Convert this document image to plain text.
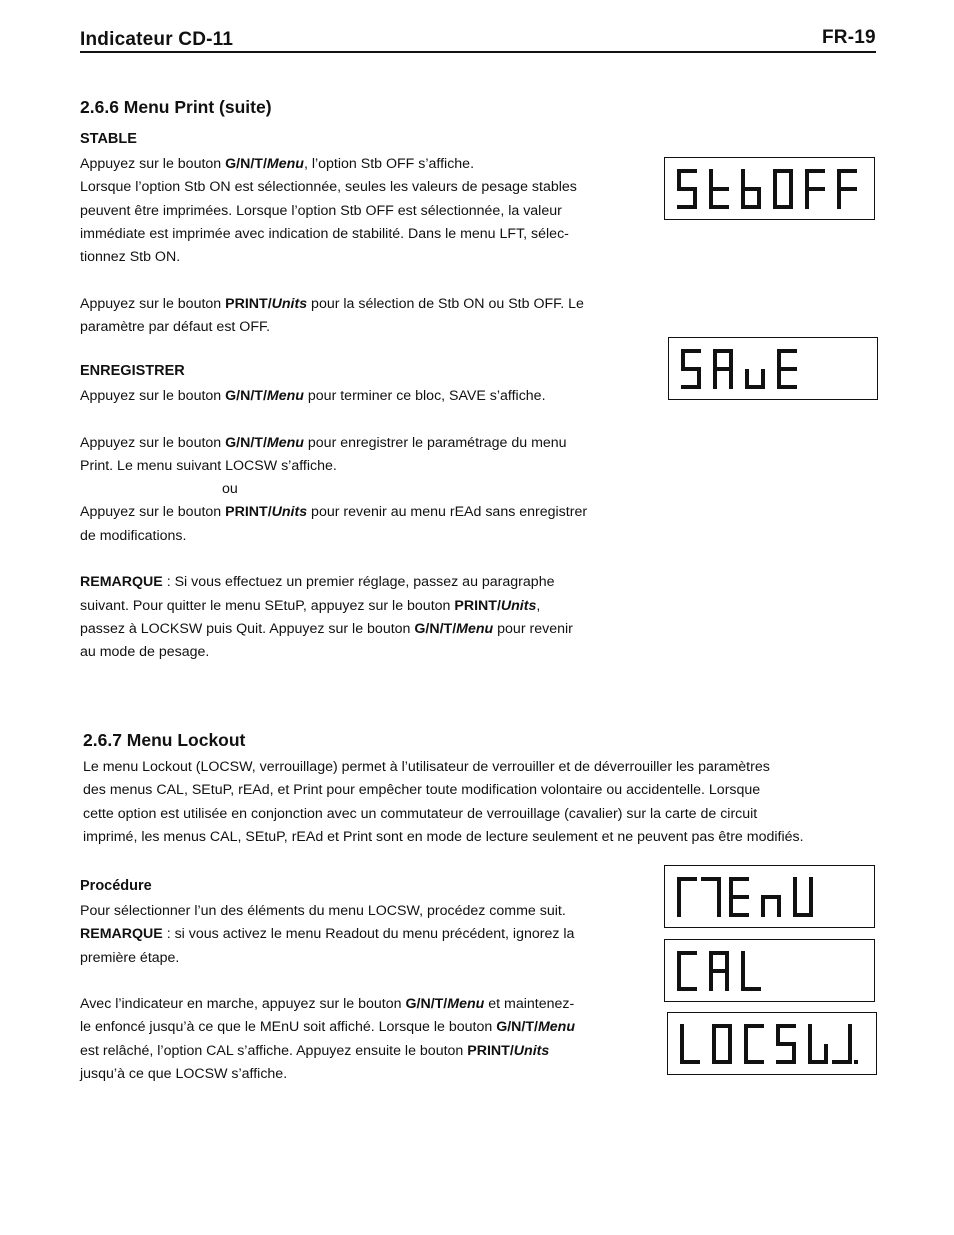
Indicateur CD-11	FR-19
2.6.6 Menu Print (suite)
STABLE

Appuyez sur le bouton G/N/T/Menu, l’option Stb OFF s’affiche.

Lorsque l’option Stb ON est sélectionnée, seules les valeurs de pesage stables

peuvent être imprimées. Lorsque l’option Stb OFF est sélectionnée, la valeur

immédiate est imprimée avec indication de stabilité. Dans le menu LFT, sélec-

tionnez Stb ON.

Appuyez sur le bouton PRINT/Units pour la sélection de Stb ON ou Stb OFF. Le

paramètre par défaut est OFF.

ENREGISTRER

Appuyez sur le bouton G/N/T/Menu pour terminer ce bloc, SAVE s’affiche.

Appuyez sur le bouton G/N/T/Menu pour enregistrer le paramétrage du menu

Print. Le menu suivant LOCSW s’affiche.

ou

Appuyez sur le bouton PRINT/Units pour revenir au menu rEAd sans enregistrer

de modifications.

REMARQUE : Si vous effectuez un premier réglage, passez au paragraphe

suivant. Pour quitter le menu SEtuP, appuyez sur le bouton PRINT/Units,

passez à LOCKSW puis Quit. Appuyez sur le bouton G/N/T/Menu pour revenir

au mode de pesage.

2.6.7 Menu Lockout

Le menu Lockout (LOCSW, verrouillage) permet à l’utilisateur de verrouiller et de déverrouiller les paramètres

des menus CAL, SEtuP, rEAd, et Print pour empêcher toute modification volontaire ou accidentelle. Lorsque

cette option est utilisée en conjonction avec un commutateur de verrouillage (cavalier) sur la carte de circuit

imprimé, les menus CAL, SEtuP, rEAd et Print sont en mode de lecture seulement et ne peuvent pas être modifiés.

Procédure

Pour sélectionner l’un des éléments du menu LOCSW, procédez comme suit.

REMARQUE : si vous activez le menu Readout du menu précédent, ignorez la

première étape.

Avec l’indicateur en marche, appuyez sur le bouton G/N/T/Menu et maintenez-

le enfoncé jusqu’à ce que le MEnU soit affiché. Lorsque le bouton G/N/T/Menu

est relâché, l’option CAL s’affiche. Appuyez ensuite le bouton PRINT/Units

jusqu’à ce que LOCSW s’affiche.
